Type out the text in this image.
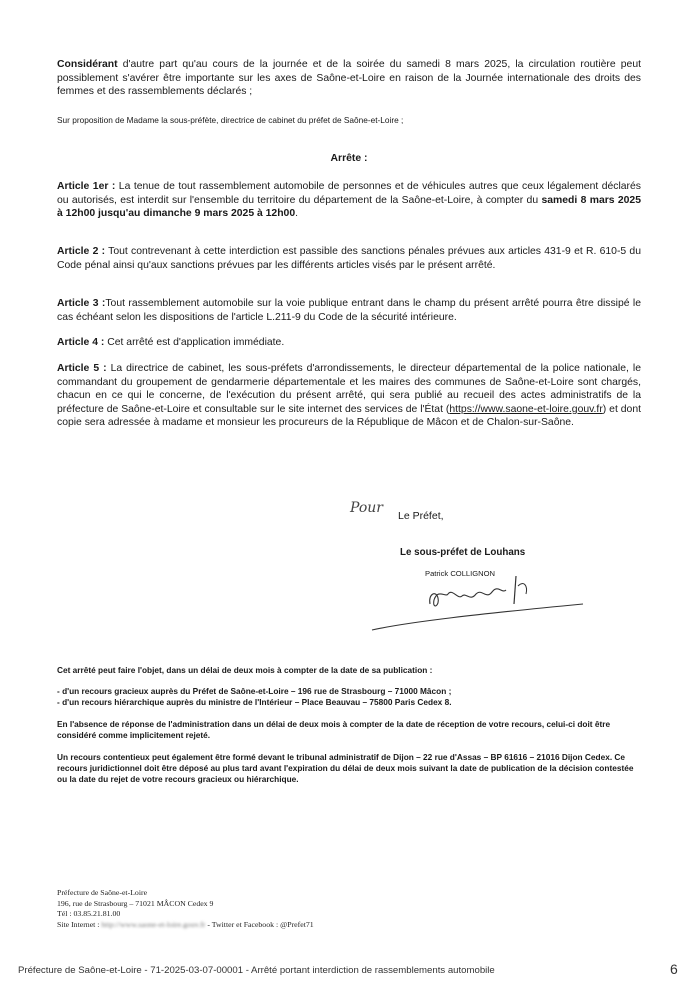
Considérant d'autre part qu'au cours de la journée et de la soirée du samedi 8 mars 2025, la circulation routière peut possiblement s'avérer être importante sur les axes de Saône-et-Loire en raison de la Journée internationale des droits des femmes et des rassemblements déclarés ;

Sur proposition de Madame la sous-préfète, directrice de cabinet du préfet de Saône-et-Loire ;

Arrête :

Article 1er : La tenue de tout rassemblement automobile de personnes et de véhicules autres que ceux légalement déclarés ou autorisés, est interdit sur l'ensemble du territoire du département de la Saône-et-Loire, à compter du samedi 8 mars 2025 à 12h00 jusqu'au dimanche 9 mars 2025 à 12h00.

Article 2 : Tout contrevenant à cette interdiction est passible des sanctions pénales prévues aux articles 431-9 et R. 610-5 du Code pénal ainsi qu'aux sanctions prévues par les différents articles visés par le présent arrêté.

Article 3 :Tout rassemblement automobile sur la voie publique entrant dans le champ du présent arrêté pourra être dissipé le cas échéant selon les dispositions de l'article L.211-9 du Code de la sécurité intérieure.

Article 4 : Cet arrêté est d'application immédiate.

Article 5 : La directrice de cabinet, les sous-préfets d'arrondissements, le directeur départemental de la police nationale, le commandant du groupement de gendarmerie départementale et les maires des communes de Saône-et-Loire sont chargés, chacun en ce qui le concerne, de l'exécution du présent arrêté, qui sera publié au recueil des actes administratifs de la préfecture de Saône-et-Loire et consultable sur le site internet des services de l'État (https://www.saone-et-loire.gouv.fr) et dont copie sera adressée à madame et monsieur les procureurs de la République de Mâcon et de Chalon-sur-Saône.

Pour Le Préfet,
Le sous-préfet de Louhans
Patrick COLLIGNON

Cet arrêté peut faire l'objet, dans un délai de deux mois à compter de la date de sa publication :

- d'un recours gracieux auprès du Préfet de Saône-et-Loire – 196 rue de Strasbourg – 71000 Mâcon ;

- d'un recours hiérarchique auprès du ministre de l'Intérieur – Place Beauvau – 75800 Paris Cedex 8.

En l'absence de réponse de l'administration dans un délai de deux mois à compter de la date de réception de votre recours, celui-ci doit être considéré comme implicitement rejeté.

Un recours contentieux peut également être formé devant le tribunal administratif de Dijon – 22 rue d'Assas – BP 61616 – 21016 Dijon Cedex. Ce recours juridictionnel doit être déposé au plus tard avant l'expiration du délai de deux mois suivant la date de publication de la décision contestée ou la date du rejet de votre recours gracieux ou hiérarchique.

Préfecture de Saône-et-Loire
196, rue de Strasbourg – 71021 MÂCON Cedex 9
Tél : 03.85.21.81.00
Site Internet : http://www.saone-et-loire.gouv.fr - Twitter et Facebook : @Prefet71
Préfecture de Saône-et-Loire - 71-2025-03-07-00001 - Arrêté portant interdiction de rassemblements automobile	6
